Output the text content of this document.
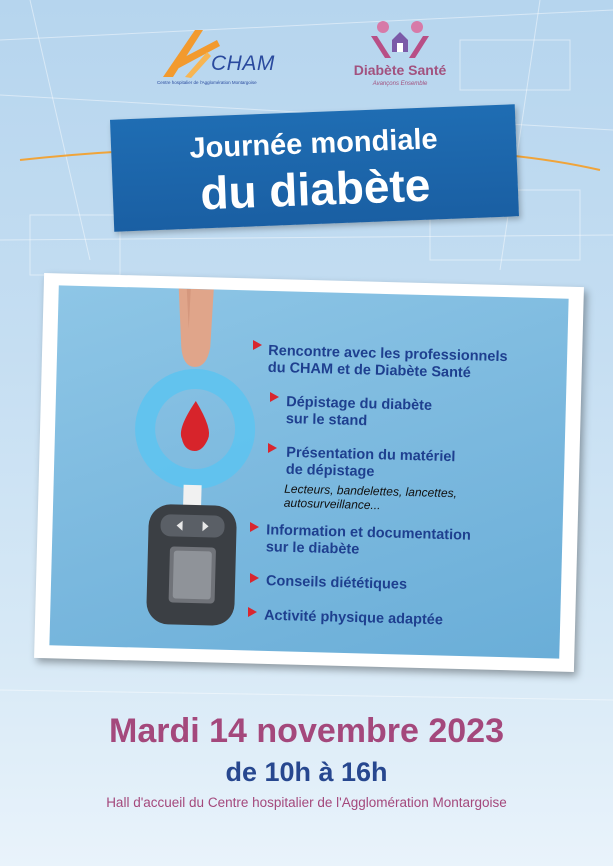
CHAM
Centre hospitalier de l'Agglomération Montargoise
Diabète Santé
Avançons Ensemble
Journée mondiale
du diabète
Rencontre avec les professionnels
du CHAM et de Diabète Santé
Dépistage du diabète
sur le stand
Présentation du matériel
de dépistage
Lecteurs, bandelettes, lancettes,
autosurveillance...
Information et documentation
sur le diabète
Conseils diététiques
Activité physique adaptée
Mardi 14 novembre 2023
de 10h à 16h
Hall d'accueil du Centre hospitalier de l'Agglomération Montargoise
